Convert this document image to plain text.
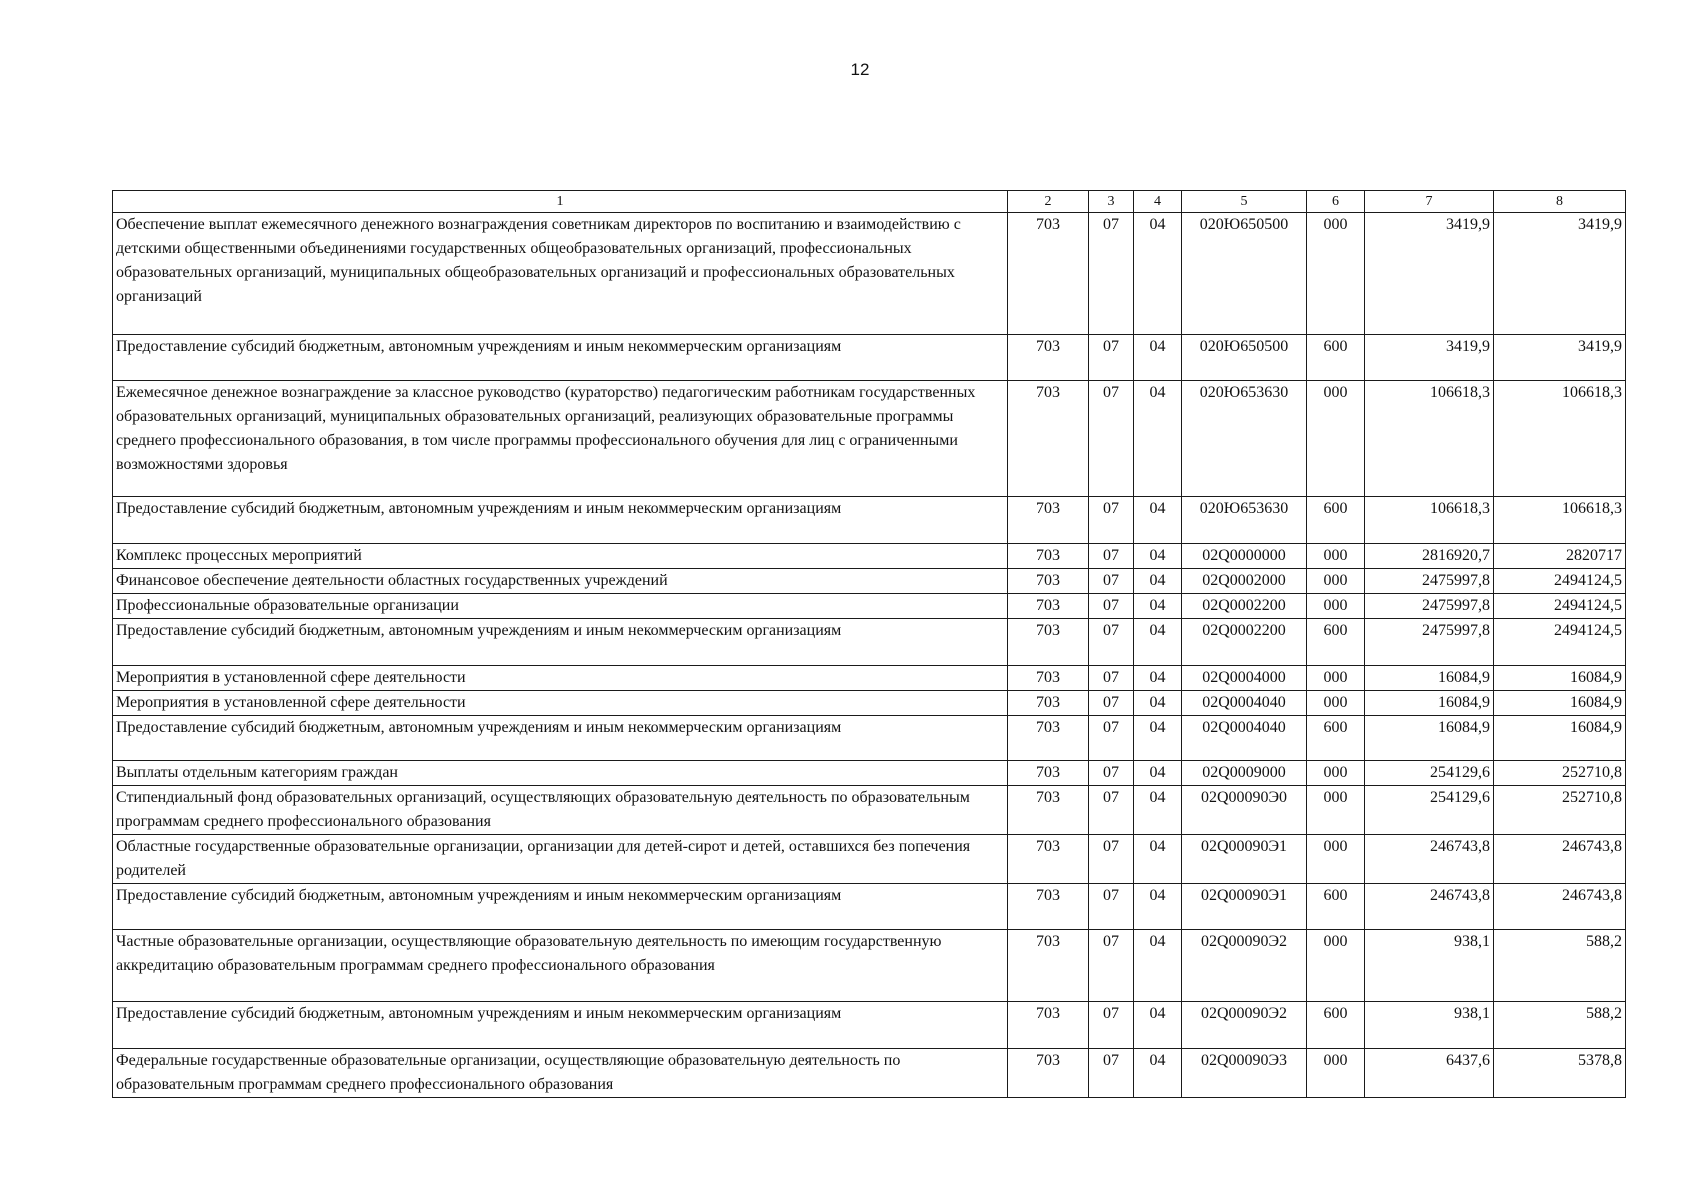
12
1	2	3	4	5	6	7	8
Обеспечение выплат ежемесячного денежного вознаграждения советникам директоров по воспитанию и взаимодействию с детскими общественными объединениями государственных общеобразовательных организаций, профессиональных образовательных организаций, муниципальных общеобразовательных организаций и профессиональных образовательных организаций	703	07	04	020Ю650500	000	3419,9	3419,9
Предоставление субсидий бюджетным, автономным учреждениям и иным некоммерческим организациям	703	07	04	020Ю650500	600	3419,9	3419,9
Ежемесячное денежное вознаграждение за классное руководство (кураторство) педагогическим работникам государственных образовательных организаций, муниципальных образовательных организаций, реализующих образовательные программы среднего профессионального образования, в том числе программы профессионального обучения для лиц с ограниченными возможностями здоровья	703	07	04	020Ю653630	000	106618,3	106618,3
Предоставление субсидий бюджетным, автономным учреждениям и иным некоммерческим организациям	703	07	04	020Ю653630	600	106618,3	106618,3
Комплекс процессных мероприятий	703	07	04	02Q0000000	000	2816920,7	2820717
Финансовое обеспечение деятельности областных государственных учреждений	703	07	04	02Q0002000	000	2475997,8	2494124,5
Профессиональные образовательные организации	703	07	04	02Q0002200	000	2475997,8	2494124,5
Предоставление субсидий бюджетным, автономным учреждениям и иным некоммерческим организациям	703	07	04	02Q0002200	600	2475997,8	2494124,5
Мероприятия в установленной сфере деятельности	703	07	04	02Q0004000	000	16084,9	16084,9
Мероприятия в установленной сфере деятельности	703	07	04	02Q0004040	000	16084,9	16084,9
Предоставление субсидий бюджетным, автономным учреждениям и иным некоммерческим организациям	703	07	04	02Q0004040	600	16084,9	16084,9
Выплаты отдельным категориям граждан	703	07	04	02Q0009000	000	254129,6	252710,8
Стипендиальный фонд образовательных организаций, осуществляющих образовательную деятельность по образовательным программам среднего профессионального образования	703	07	04	02Q00090Э0	000	254129,6	252710,8
Областные государственные образовательные организации, организации для детей-сирот и детей, оставшихся без попечения родителей	703	07	04	02Q00090Э1	000	246743,8	246743,8
Предоставление субсидий бюджетным, автономным учреждениям и иным некоммерческим организациям	703	07	04	02Q00090Э1	600	246743,8	246743,8
Частные образовательные организации, осуществляющие образовательную деятельность по имеющим государственную аккредитацию образовательным программам среднего профессионального образования	703	07	04	02Q00090Э2	000	938,1	588,2
Предоставление субсидий бюджетным, автономным учреждениям и иным некоммерческим организациям	703	07	04	02Q00090Э2	600	938,1	588,2
Федеральные государственные образовательные организации, осуществляющие образовательную деятельность по образовательным программам среднего профессионального образования	703	07	04	02Q00090Э3	000	6437,6	5378,8
